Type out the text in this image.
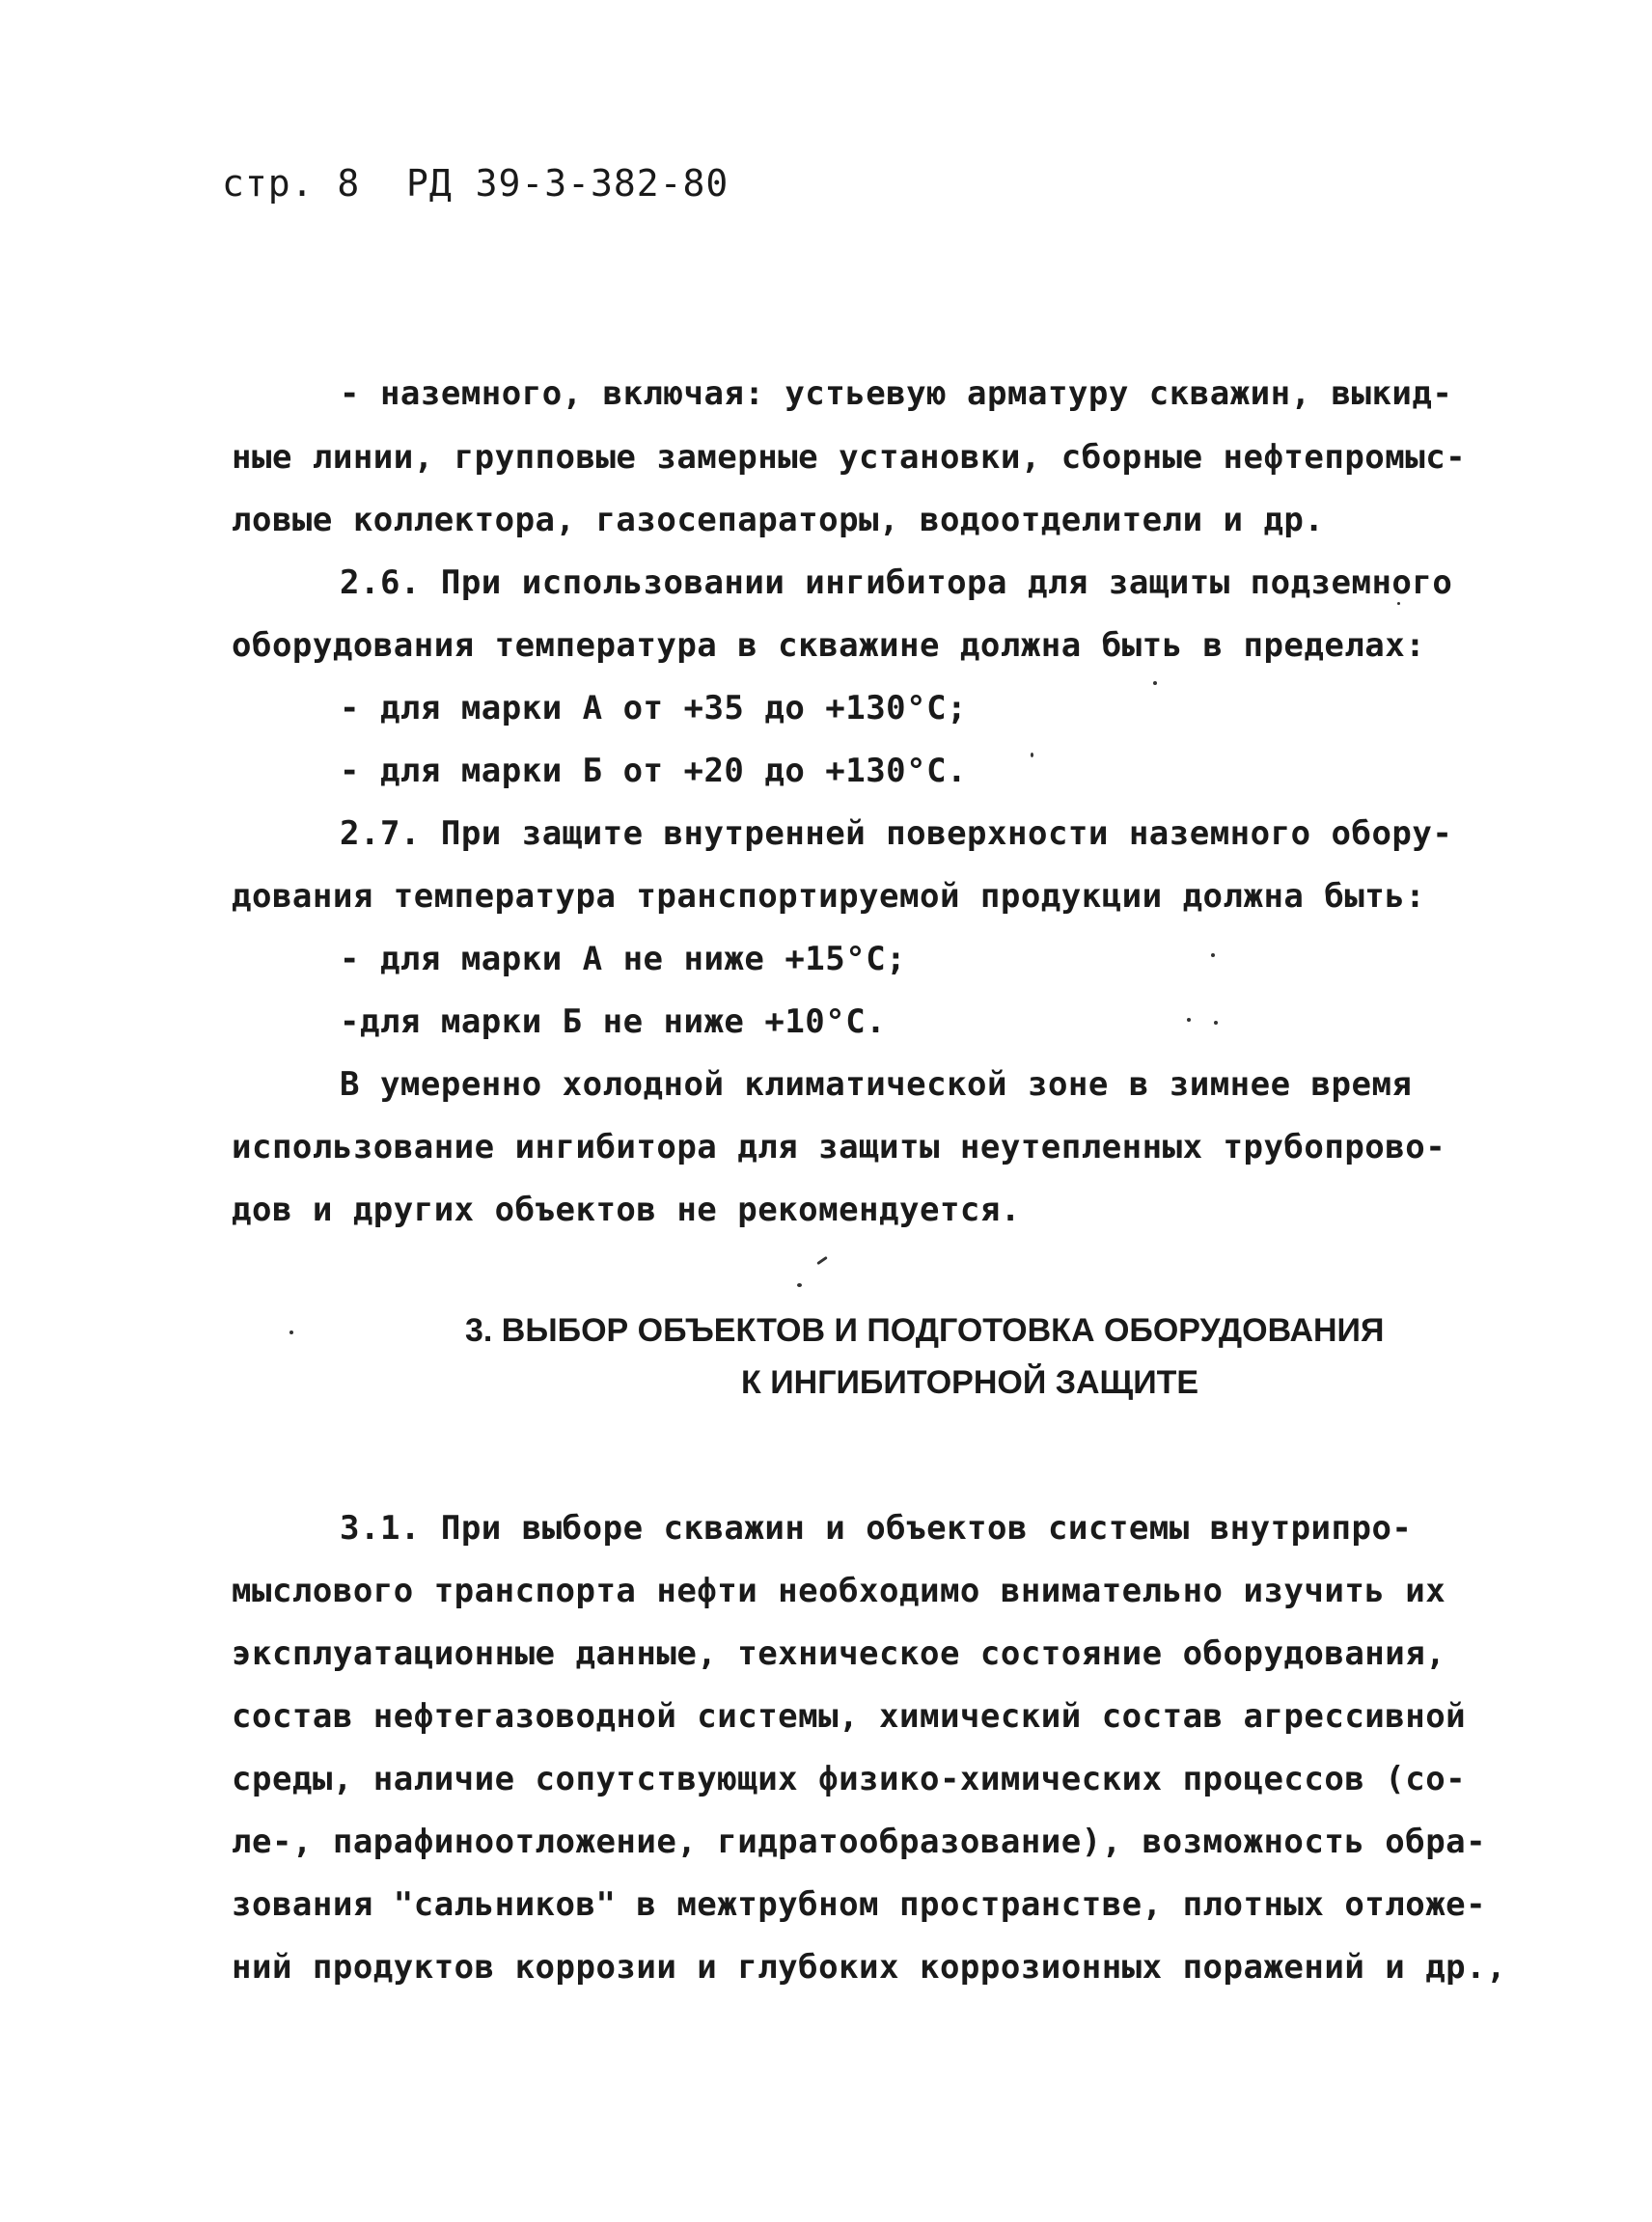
стр. 8  РД 39-3-382-80
- наземного, включая: устьевую арматуру скважин, выкид-
ные линии, групповые замерные установки, сборные нефтепромыс-
ловые коллектора, газосепараторы, водоотделители и др.
2.6. При использовании ингибитора для защиты подземного
оборудования температура в скважине должна быть в пределах:
- для марки А от +35 до +130°С;
- для марки Б от +20 до +130°С.
2.7. При защите внутренней поверхности наземного обору-
дования температура транспортируемой продукции должна быть:
- для марки А не ниже +15°С;
-для марки Б не ниже +10°С.
В умеренно холодной климатической зоне в зимнее время
использование ингибитора для защиты неутепленных трубопрово-
дов и других объектов не рекомендуется.
3. ВЫБОР ОБЪЕКТОВ И ПОДГОТОВКА ОБОРУДОВАНИЯ
К ИНГИБИТОРНОЙ ЗАЩИТЕ
3.1. При выборе скважин и объектов системы внутрипро-
мыслового транспорта нефти необходимо внимательно изучить их
эксплуатационные данные, техническое состояние оборудования,
состав нефтегазоводной системы, химический состав агрессивной
среды, наличие сопутствующих физико-химических процессов (со-
ле-, парафиноотложение, гидратообразование), возможность обра-
зования "сальников" в межтрубном пространстве, плотных отложе-
ний продуктов коррозии и глубоких коррозионных поражений и др.,
